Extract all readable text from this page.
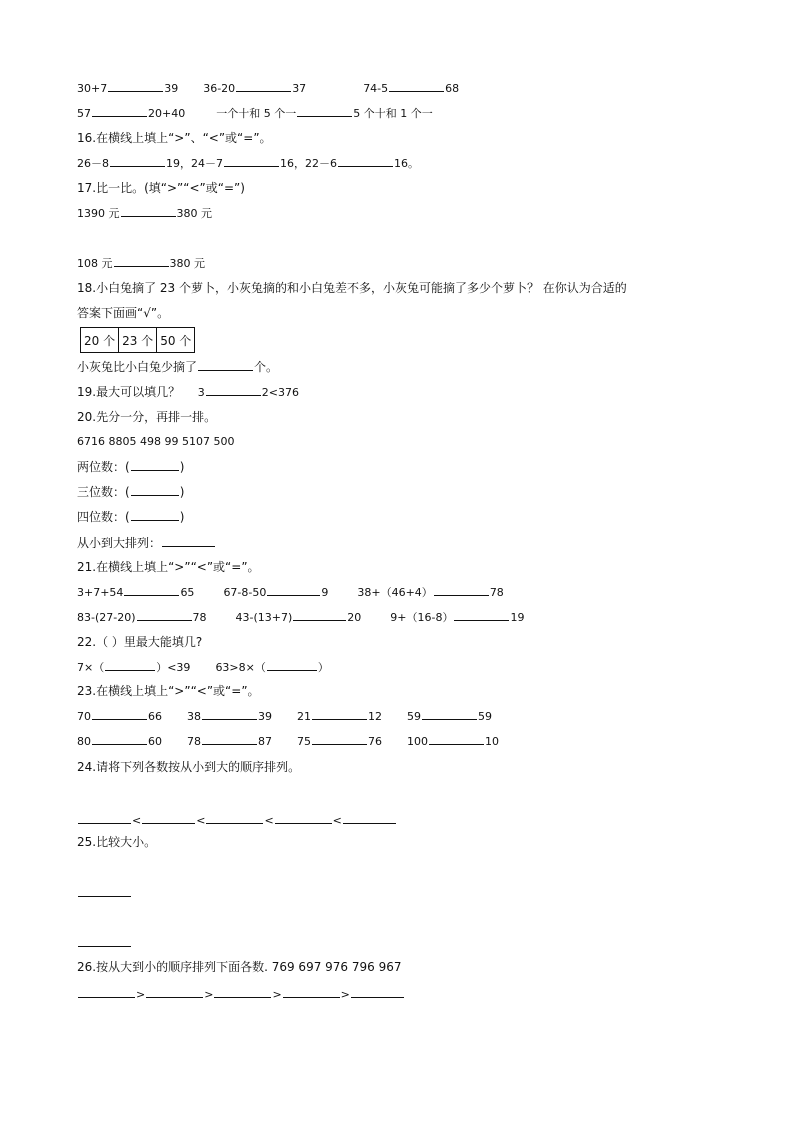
30+7	39 36-20	37	74-5	68
57	20+40	一个十和 5 个一	5 个十和 1 个一
16.在横线上填上“>”、“<”或“=”。
26－8	19，24－7	16，22－6	16。
17.比一比。(填“>”“<”或“=”)
1390 元	380 元
108 元	380 元
18.小白兔摘了 23 个萝卜，小灰兔摘的和小白兔差不多，小灰兔可能摘了多少个萝卜？ 在你认为合适的
答案下面画“√”。
20 个	23 个	50 个
小灰兔比小白兔少摘了	个。
19.最大可以填几？ 3	2<376
20.先分一分，再排一排。
6716 8805 498 99 5107 500
两位数：(	)
三位数：(	)
四位数：(	)
从小到大排列：
21.在横线上填上“>”“<”或“=”。
3+7+54	65	67-8-50	9	38+（46+4）	78
83-(27-20)	78	43-(13+7)	20	9+（16-8）	19
22.（ ）里最大能填几?
7×（	）<39 63>8×（	）
23.在横线上填上“>”“<”或“=”。
70	66 38	39 21	12 59	59
80	60 78	87 75	76 100	10
24.请将下列各数按从小到大的顺序排列。
<	<	<	<
25.比较大小。
26.按从大到小的顺序排列下面各数. 769 697 976 796 967
>	>	>	>
